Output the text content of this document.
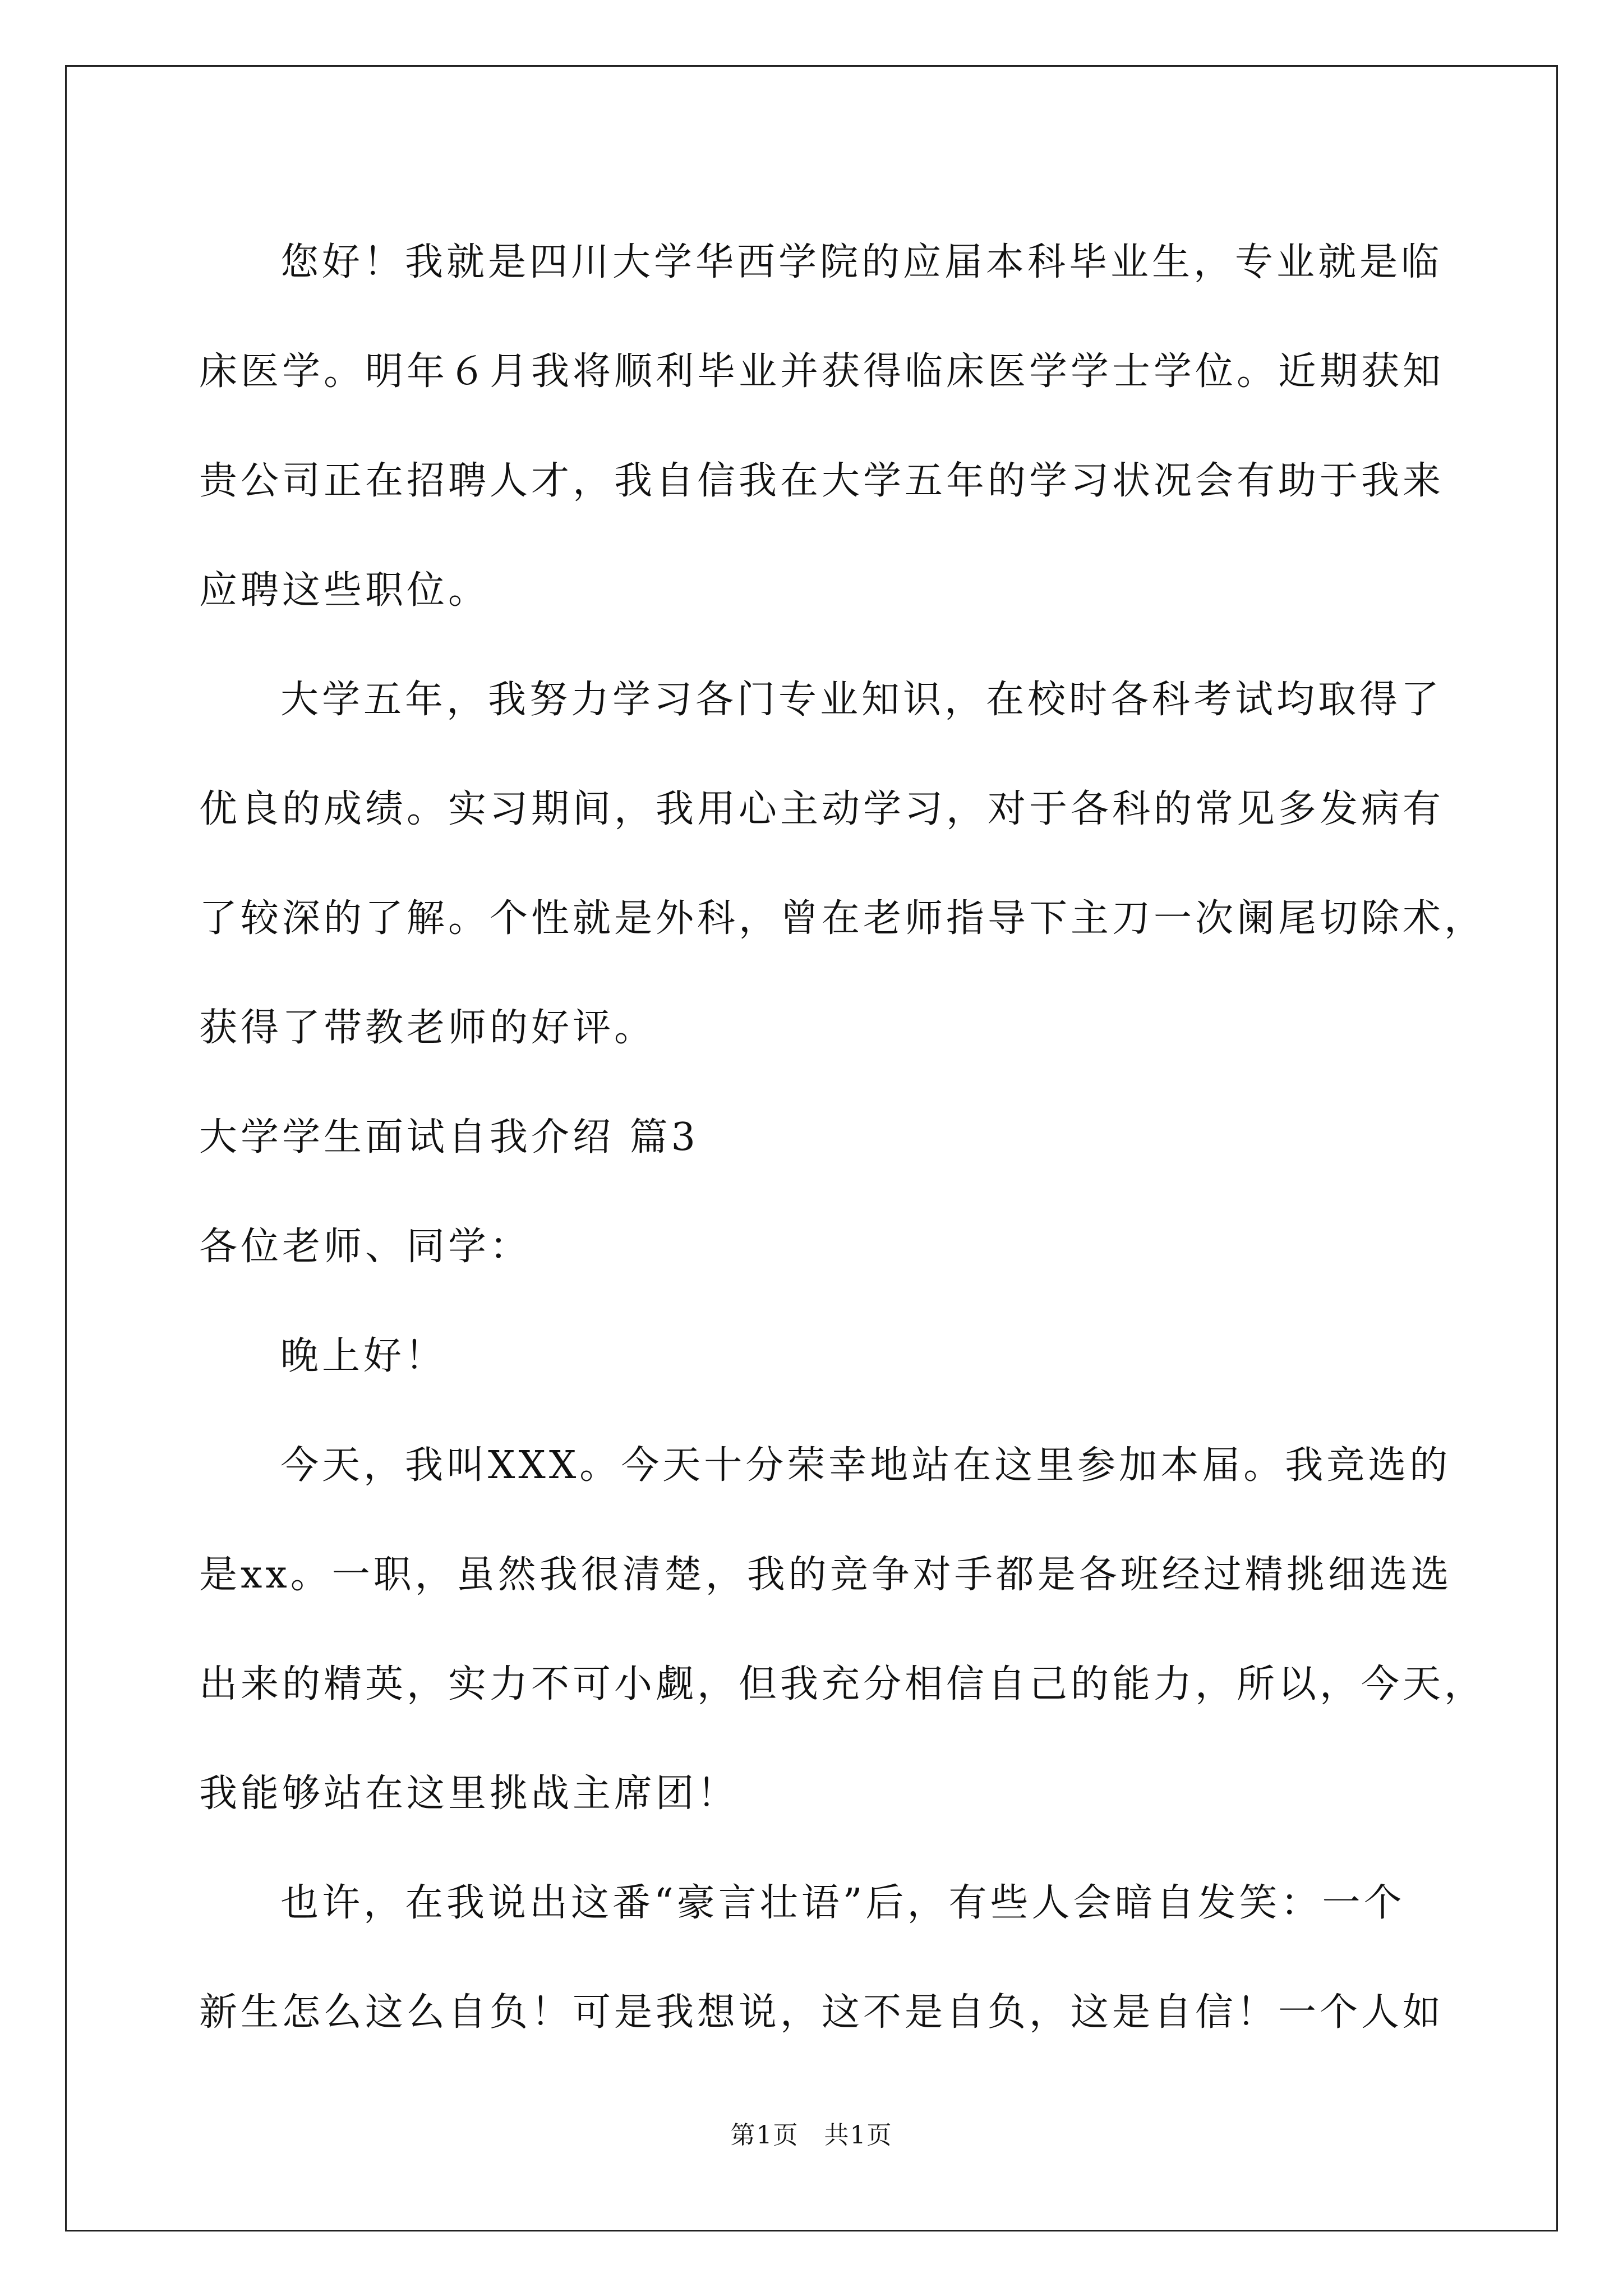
您好！我就是四川大学华西学院的应届本科毕业生，专业就是临

床医学。明年６月我将顺利毕业并获得临床医学学士学位。近期获知

贵公司正在招聘人才，我自信我在大学五年的学习状况会有助于我来

应聘这些职位。

大学五年，我努力学习各门专业知识，在校时各科考试均取得了

优良的成绩。实习期间，我用心主动学习，对于各科的常见多发病有

了较深的了解。个性就是外科，曾在老师指导下主刀一次阑尾切除术，

获得了带教老师的好评。

大学学生面试自我介绍 篇3

各位老师、同学：

晚上好！

今天，我叫XXX。今天十分荣幸地站在这里参加本届。我竞选的

是xx。一职，虽然我很清楚，我的竞争对手都是各班经过精挑细选选

出来的精英，实力不可小觑，但我充分相信自己的能力，所以，今天，

我能够站在这里挑战主席团！

也许，在我说出这番“豪言壮语”后，有些人会暗自发笑：一个

新生怎么这么自负！可是我想说，这不是自负，这是自信！一个人如

第1页 共1页
